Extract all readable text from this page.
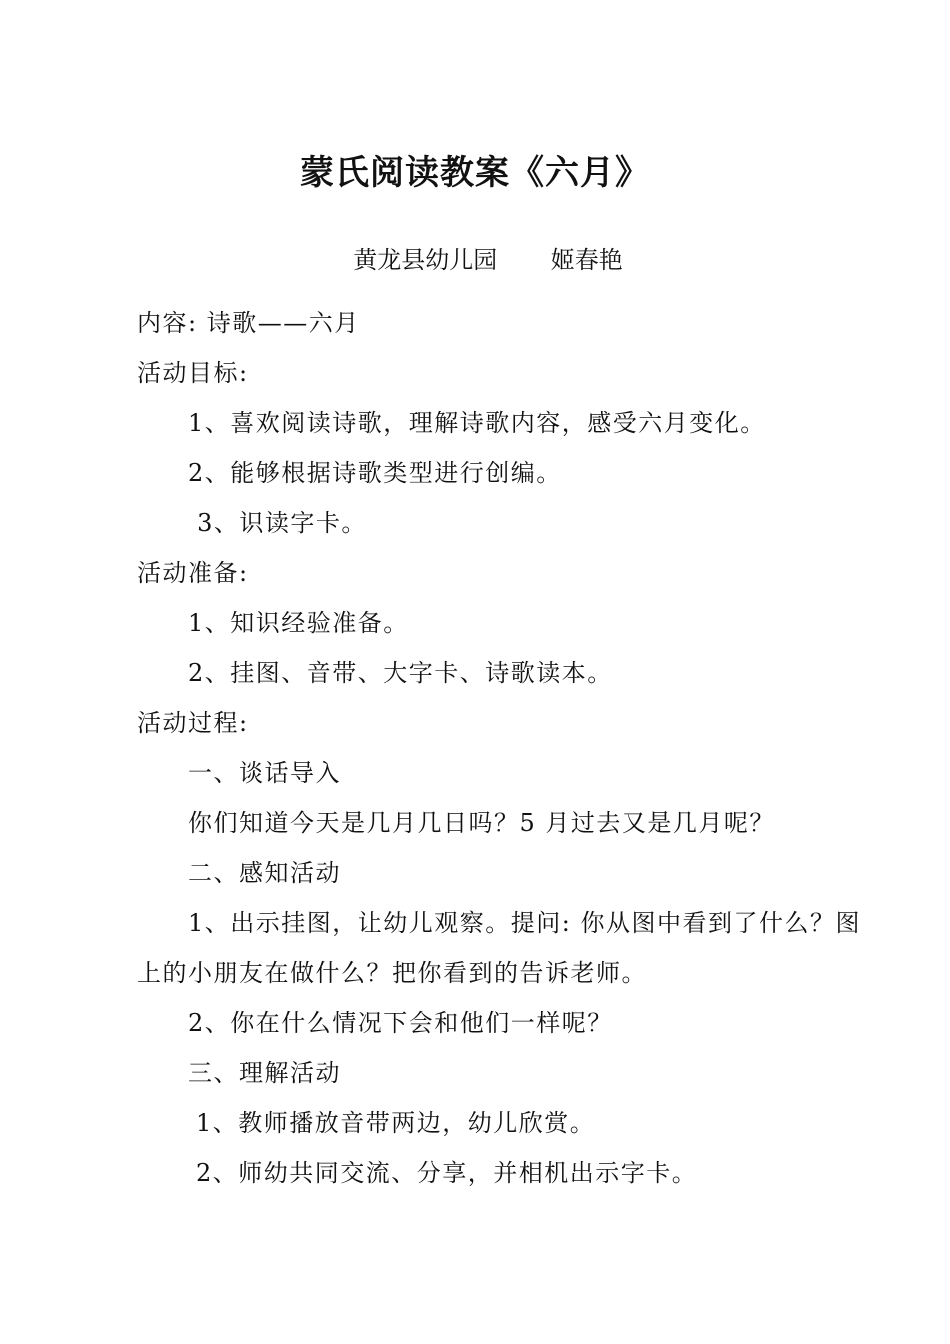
蒙氏阅读教案《六月》
黄龙县幼儿园       姬春艳
内容: 诗歌——六月
活动目标:
1、喜欢阅读诗歌，理解诗歌内容，感受六月变化。
2、能够根据诗歌类型进行创编。
3、识读字卡。
活动准备:
1、知识经验准备。
2、挂图、音带、大字卡、诗歌读本。
活动过程:
一、谈话导入
你们知道今天是几月几日吗？5 月过去又是几月呢？
二、感知活动
1、出示挂图，让幼儿观察。提问: 你从图中看到了什么？图
上的小朋友在做什么？把你看到的告诉老师。
2、你在什么情况下会和他们一样呢？
三、理解活动
1、教师播放音带两边，幼儿欣赏。
2、师幼共同交流、分享，并相机出示字卡。
